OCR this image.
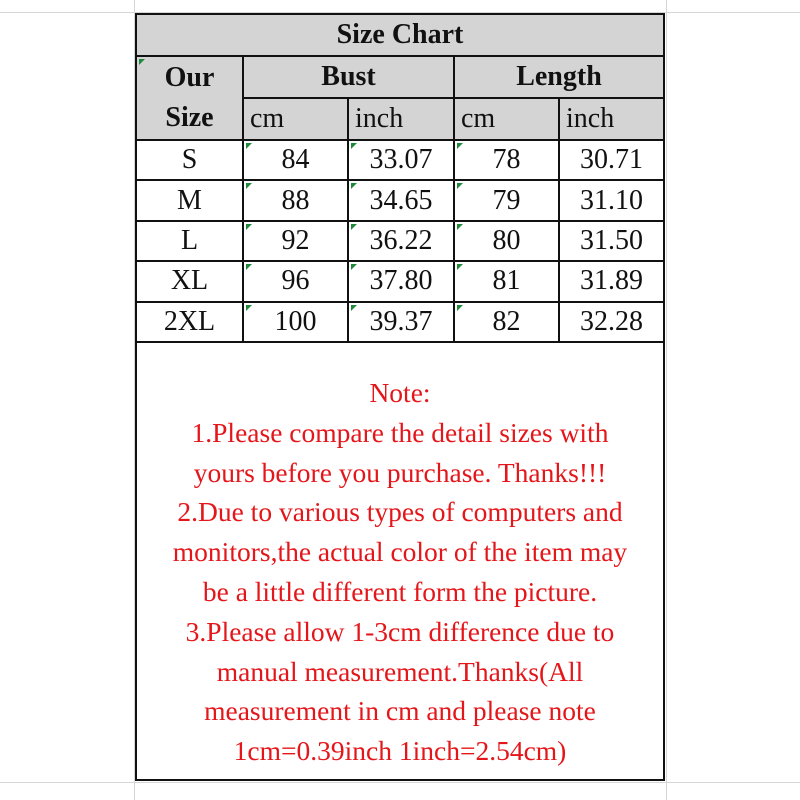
Size Chart
Our
Size
Bust	Length
cm	inch	cm	inch
S	84	33.07	78	30.71
M	88	34.65	79	31.10
L	92	36.22	80	31.50
XL	96	37.80	81	31.89
2XL	100	39.37	82	32.28
Note:
1.Please compare the detail sizes with
yours before you purchase. Thanks!!!
2.Due to various types of computers and
monitors,the actual color of the item may
be a little different form the picture.
3.Please allow 1-3cm difference due to
manual measurement.Thanks(All
measurement in cm and please note
1cm=0.39inch 1inch=2.54cm)
